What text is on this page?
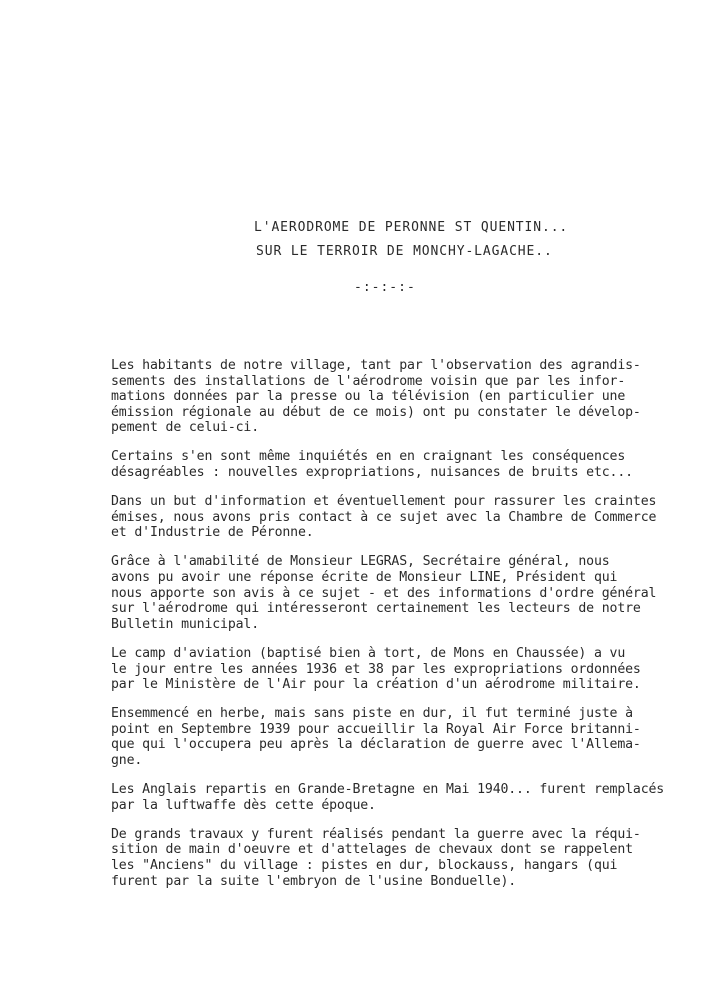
L'AERODROME DE PERONNE ST QUENTIN...
SUR LE TERROIR DE MONCHY-LAGACHE..
-:-:-:-
Les habitants de notre village, tant par l'observation des agrandis-
sements des installations de l'aérodrome voisin que par les infor-
mations données par la presse ou la télévision (en particulier une
émission régionale au début de ce mois) ont pu constater le dévelop-
pement de celui-ci.
Certains s'en sont même inquiétés en en craignant les conséquences
désagréables : nouvelles expropriations, nuisances de bruits etc...
Dans un but d'information et éventuellement pour rassurer les craintes
émises, nous avons pris contact à ce sujet avec la Chambre de Commerce
et d'Industrie de Péronne.
Grâce à l'amabilité de Monsieur LEGRAS, Secrétaire général, nous
avons pu avoir une réponse écrite de Monsieur LINE, Président qui
nous apporte son avis à ce sujet - et des informations d'ordre général
sur l'aérodrome qui intéresseront certainement les lecteurs de notre
Bulletin municipal.
Le camp d'aviation (baptisé bien à tort, de Mons en Chaussée) a vu
le jour entre les années 1936 et 38 par les expropriations ordonnées
par le Ministère de l'Air pour la création d'un aérodrome militaire.
Ensemmencé en herbe, mais sans piste en dur, il fut terminé juste à
point en Septembre 1939 pour accueillir la Royal Air Force britanni-
que qui l'occupera peu après la déclaration de guerre avec l'Allema-
gne.
Les Anglais repartis en Grande-Bretagne en Mai 1940... furent remplacés
par la luftwaffe dès cette époque.
De grands travaux y furent réalisés pendant la guerre avec la réqui-
sition de main d'oeuvre et d'attelages de chevaux dont se rappelent
les "Anciens" du village : pistes en dur, blockauss, hangars (qui
furent par la suite l'embryon de l'usine Bonduelle).
